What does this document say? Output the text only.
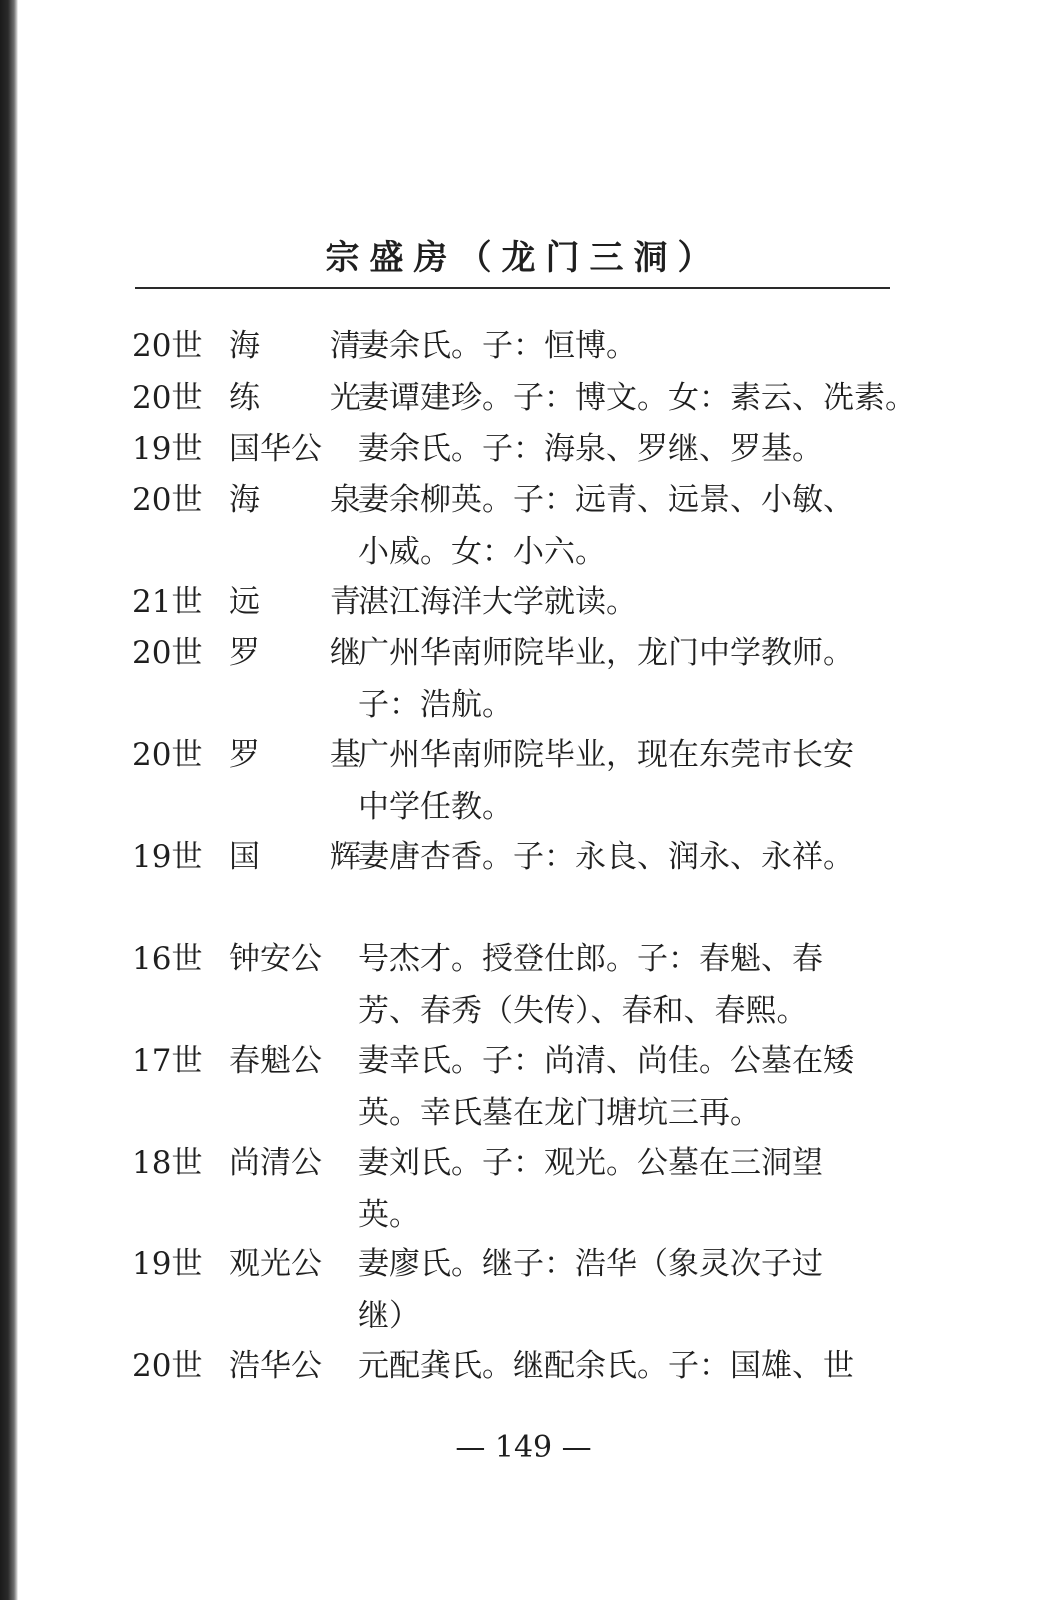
宗盛房（龙门三洞）
20世 海 清
妻余氏。子：恒博。
20世 练 光
妻谭建珍。子：博文。女：素云、冼素。
19世 国华公 妻余氏。子：海泉、罗继、罗基。
20世 海 泉
妻余柳英。子：远青、远景、小敏、
小威。女：小六。
21世 远 青
湛江海洋大学就读。
20世 罗 继
广州华南师院毕业，龙门中学教师。
子：浩航。
20世 罗 基
广州华南师院毕业，现在东莞市长安
中学任教。
19世 国 辉
妻唐杏香。子：永良、润永、永祥。
16世 钟安公 号杰才。授登仕郎。子：春魁、春
芳、春秀（失传）、春和、春熙。
17世 春魁公 妻幸氏。子：尚清、尚佳。公墓在矮
英。幸氏墓在龙门塘坑三再。
18世 尚清公 妻刘氏。子：观光。公墓在三洞望
英。
19世 观光公 妻廖氏。继子：浩华（象灵次子过
继）
20世 浩华公 元配龚氏。继配余氏。子：国雄、世
— 149 —
